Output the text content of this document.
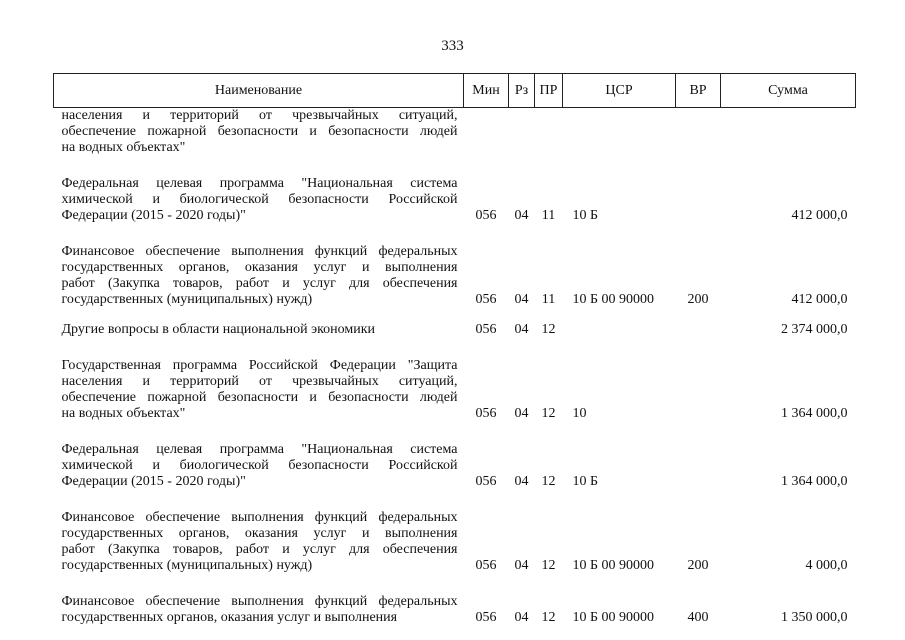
333
Наименование	Мин	Рз	ПР	ЦСР	ВР	Сумма

населения и территорий от чрезвычайных ситуаций,
обеспечение пожарной безопасности и безопасности людей
на водных объектах"						

Федеральная целевая программа "Национальная система
химической и биологической безопасности Российской
Федерации (2015 - 2020 годы)"	056	04	11	10 Б		412 000,0

Финансовое обеспечение выполнения функций федеральных
государственных органов, оказания услуг и выполнения
работ (Закупка товаров, работ и услуг для обеспечения
государственных (муниципальных) нужд)	056	04	11	10 Б 00 90000	200	412 000,0

Другие вопросы в области национальной экономики	056	04	12			2 374 000,0

Государственная программа Российской Федерации "Защита
населения и территорий от чрезвычайных ситуаций,
обеспечение пожарной безопасности и безопасности людей
на водных объектах"	056	04	12	10		1 364 000,0

Федеральная целевая программа "Национальная система
химической и биологической безопасности Российской
Федерации (2015 - 2020 годы)"	056	04	12	10 Б		1 364 000,0

Финансовое обеспечение выполнения функций федеральных
государственных органов, оказания услуг и выполнения
работ (Закупка товаров, работ и услуг для обеспечения
государственных (муниципальных) нужд)	056	04	12	10 Б 00 90000	200	4 000,0

Финансовое обеспечение выполнения функций федеральных
государственных органов, оказания услуг и выполнения	056	04	12	10 Б 00 90000	400	1 350 000,0
